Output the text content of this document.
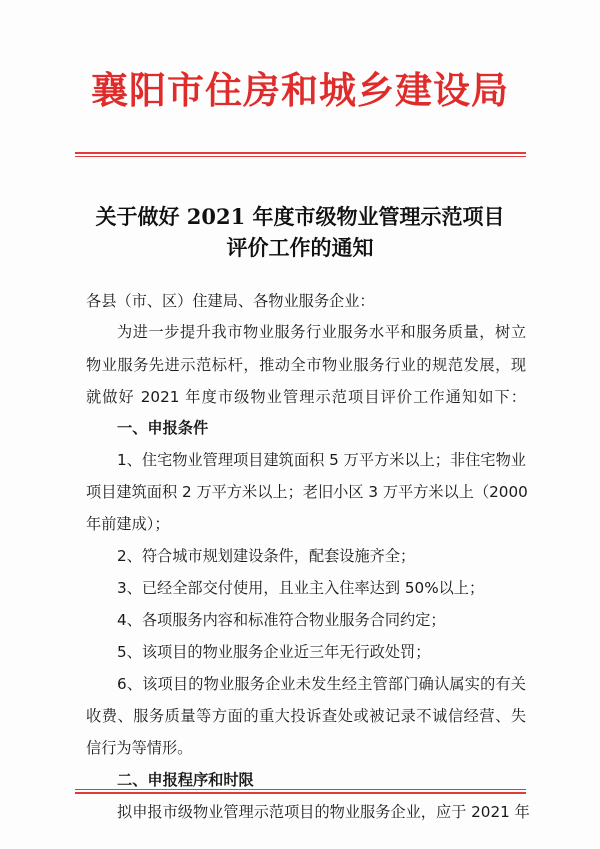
襄阳市住房和城乡建设局
关于做好 2021 年度市级物业管理示范项目
评价工作的通知
各县（市、区）住建局、各物业服务企业：
为进一步提升我市物业服务行业服务水平和服务质量，树立
物业服务先进示范标杆，推动全市物业服务行业的规范发展，现
就做好 2021 年度市级物业管理示范项目评价工作通知如下：
一、申报条件
1、住宅物业管理项目建筑面积 5 万平方米以上；非住宅物业
项目建筑面积 2 万平方米以上；老旧小区 3 万平方米以上（2000
年前建成）；
2、符合城市规划建设条件，配套设施齐全；
3、已经全部交付使用，且业主入住率达到 50%以上；
4、各项服务内容和标准符合物业服务合同约定；
5、该项目的物业服务企业近三年无行政处罚；
6、该项目的物业服务企业未发生经主管部门确认属实的有关
收费、服务质量等方面的重大投诉查处或被记录不诚信经营、失
信行为等情形。
二、申报程序和时限
拟申报市级物业管理示范项目的物业服务企业，应于 2021 年
